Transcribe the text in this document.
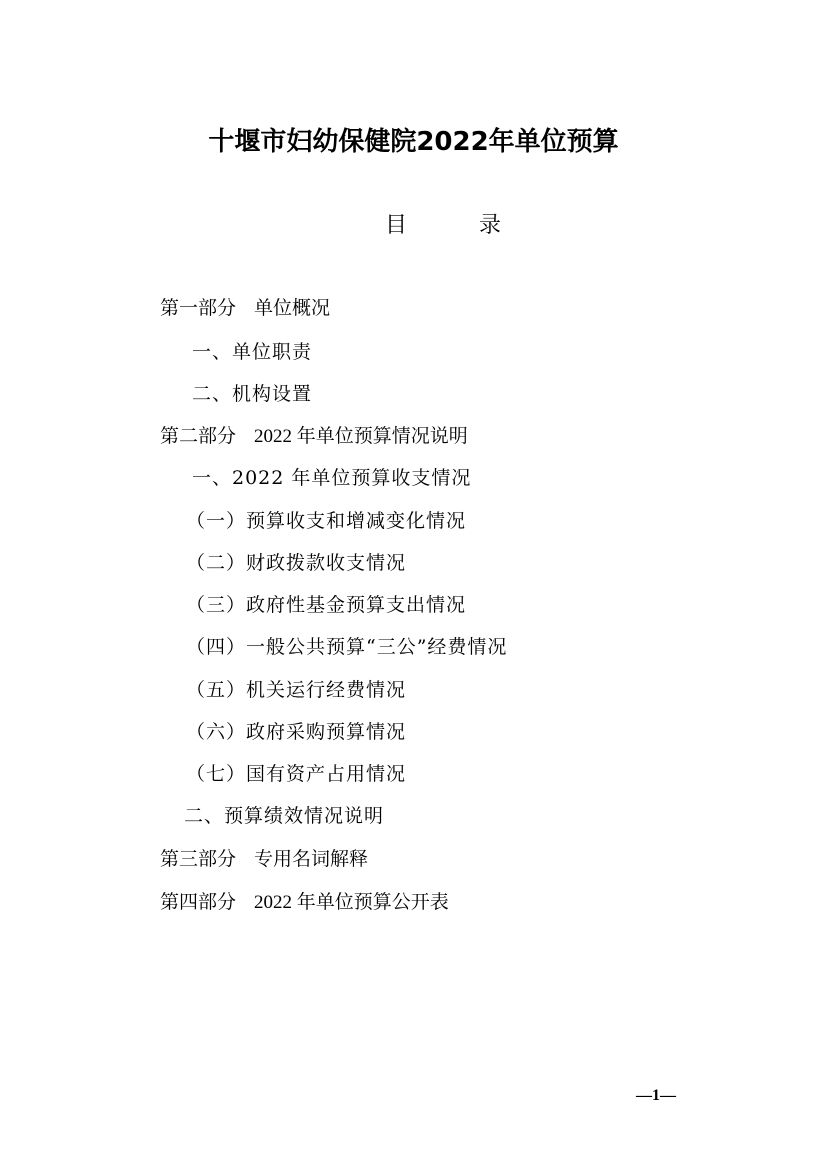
十堰市妇幼保健院2022年单位预算
目	录
第一部分 单位概况
一、单位职责
二、机构设置
第二部分 2022 年单位预算情况说明
一、2022 年单位预算收支情况
（一）预算收支和增减变化情况
（二）财政拨款收支情况
（三）政府性基金预算支出情况
（四）一般公共预算“三公”经费情况
（五）机关运行经费情况
（六）政府采购预算情况
（七）国有资产占用情况
二、预算绩效情况说明
第三部分 专用名词解释
第四部分 2022 年单位预算公开表
—1—
